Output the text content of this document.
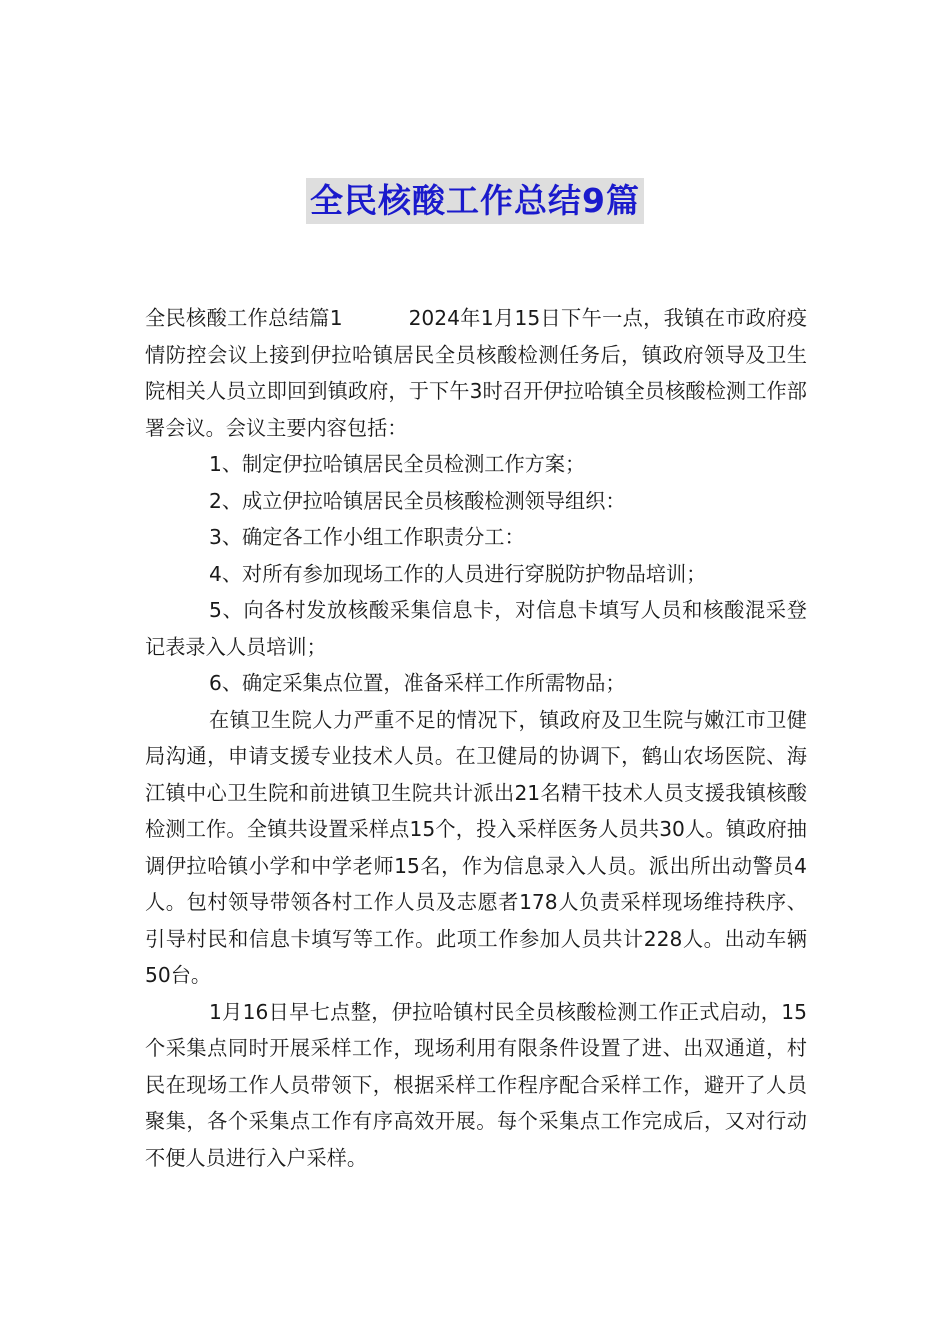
全民核酸工作总结9篇

全民核酸工作总结篇1	2024年1月15日下午一点，我镇在市政府疫情防控会议上接到伊拉哈镇居民全员核酸检测任务后，镇政府领导及卫生院相关人员立即回到镇政府，于下午3时召开伊拉哈镇全员核酸检测工作部署会议。会议主要内容包括：

1、制定伊拉哈镇居民全员检测工作方案；

2、成立伊拉哈镇居民全员核酸检测领导组织：

3、确定各工作小组工作职责分工：

4、对所有参加现场工作的人员进行穿脱防护物品培训；

5、向各村发放核酸采集信息卡，对信息卡填写人员和核酸混采登记表录入人员培训；

6、确定采集点位置，准备采样工作所需物品；

在镇卫生院人力严重不足的情况下，镇政府及卫生院与嫩江市卫健局沟通，申请支援专业技术人员。在卫健局的协调下，鹤山农场医院、海江镇中心卫生院和前进镇卫生院共计派出21名精干技术人员支援我镇核酸检测工作。全镇共设置采样点15个，投入采样医务人员共30人。镇政府抽调伊拉哈镇小学和中学老师15名，作为信息录入人员。派出所出动警员4人。包村领导带领各村工作人员及志愿者178人负责采样现场维持秩序、引导村民和信息卡填写等工作。此项工作参加人员共计228人。出动车辆50台。

1月16日早七点整，伊拉哈镇村民全员核酸检测工作正式启动，15个采集点同时开展采样工作，现场利用有限条件设置了进、出双通道，村民在现场工作人员带领下，根据采样工作程序配合采样工作，避开了人员聚集，各个采集点工作有序高效开展。每个采集点工作完成后，又对行动不便人员进行入户采样。
